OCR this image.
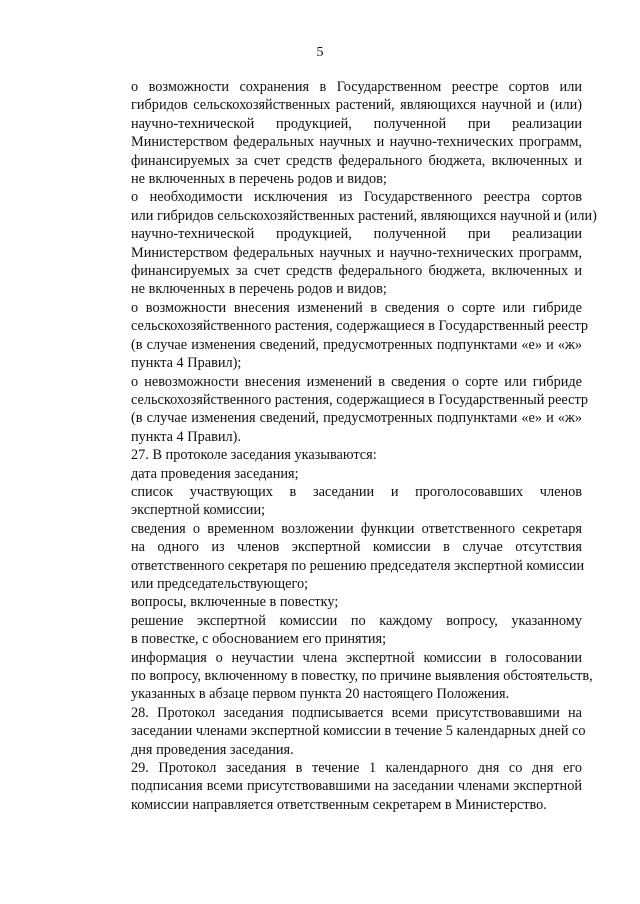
5
о возможности сохранения в Государственном реестре сортов или
гибридов сельскохозяйственных растений, являющихся научной и (или)
научно-технической продукцией, полученной при реализации
Министерством федеральных научных и научно-технических программ,
финансируемых за счет средств федерального бюджета, включенных и
не включенных в перечень родов и видов;
о необходимости исключения из Государственного реестра сортов
или гибридов сельскохозяйственных растений, являющихся научной и (или)
научно-технической продукцией, полученной при реализации
Министерством федеральных научных и научно-технических программ,
финансируемых за счет средств федерального бюджета, включенных и
не включенных в перечень родов и видов;
о возможности внесения изменений в сведения о сорте или гибриде
сельскохозяйственного растения, содержащиеся в Государственный реестр
(в случае изменения сведений, предусмотренных подпунктами «е» и «ж»
пункта 4 Правил);
о невозможности внесения изменений в сведения о сорте или гибриде
сельскохозяйственного растения, содержащиеся в Государственный реестр
(в случае изменения сведений, предусмотренных подпунктами «е» и «ж»
пункта 4 Правил).
27. В протоколе заседания указываются:
дата проведения заседания;
список участвующих в заседании и проголосовавших членов
экспертной комиссии;
сведения о временном возложении функции ответственного секретаря
на одного из членов экспертной комиссии в случае отсутствия
ответственного секретаря по решению председателя экспертной комиссии
или председательствующего;
вопросы, включенные в повестку;
решение экспертной комиссии по каждому вопросу, указанному
в повестке, с обоснованием его принятия;
информация о неучастии члена экспертной комиссии в голосовании
по вопросу, включенному в повестку, по причине выявления обстоятельств,
указанных в абзаце первом пункта 20 настоящего Положения.
28. Протокол заседания подписывается всеми присутствовавшими на
заседании членами экспертной комиссии в течение 5 календарных дней со
дня проведения заседания.
29. Протокол заседания в течение 1 календарного дня со дня его
подписания всеми присутствовавшими на заседании членами экспертной
комиссии направляется ответственным секретарем в Министерство.
